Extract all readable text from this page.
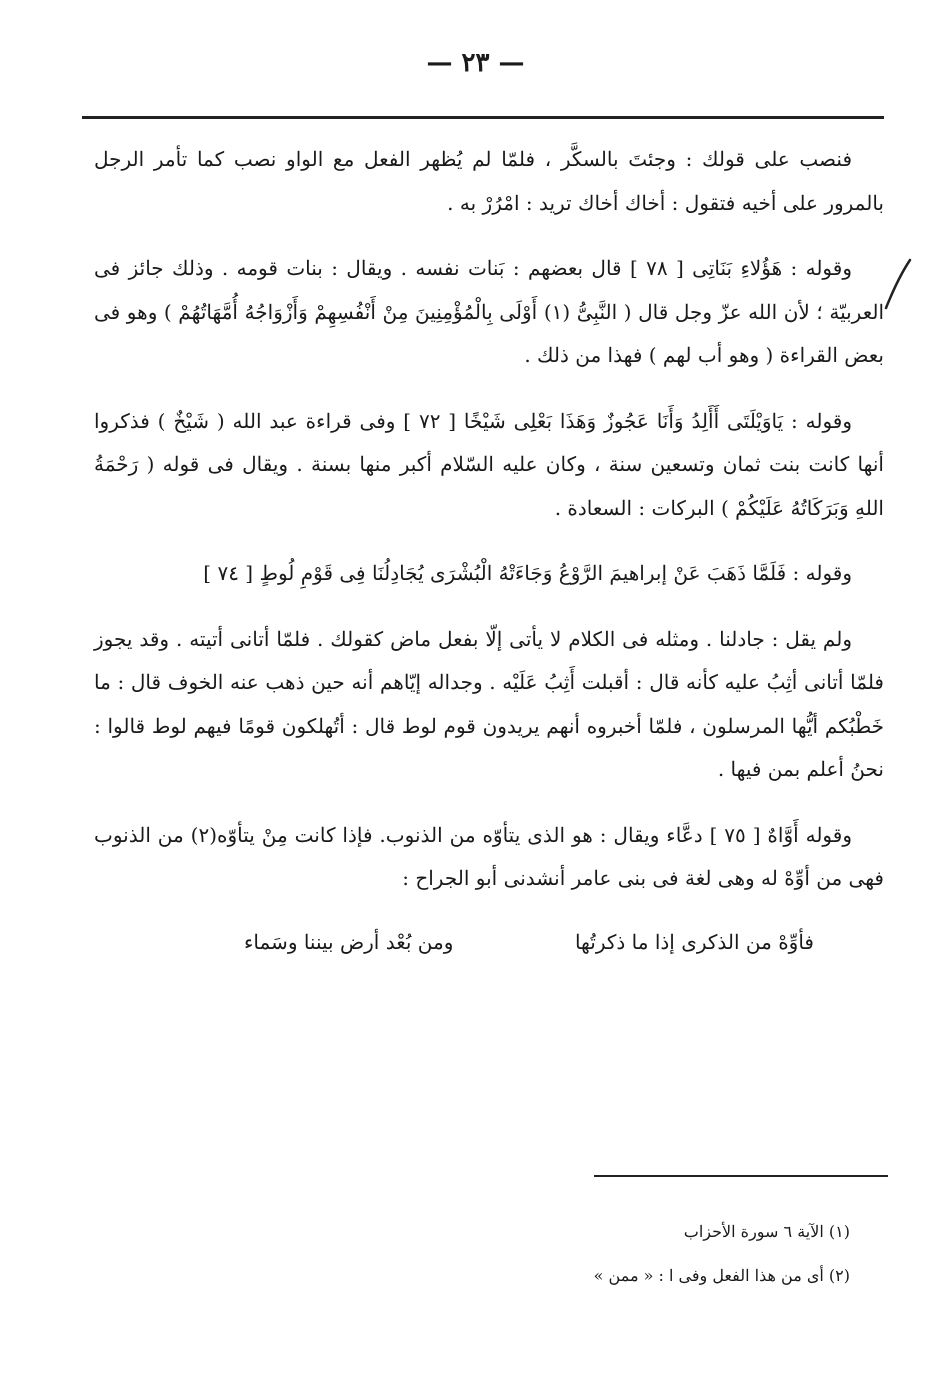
— ٢٣ —

فنصب على قولك : وجئتَ بالسكَّر ، فلمّا لم يُظهر الفعل مع الواو نصب كما تأمر الرجل بالمرور على أخيه فتقول : أخاك أخاك تريد : امْرُرْ به .

وقوله : هَؤُلاءِ بَنَاتِى [ ٧٨ ] قال بعضهم : بَنات نفسه . ويقال : بنات قومه . وذلك جائز فى العربيّة ؛ لأن الله عزّ وجل قال ( النَّبِىُّ (١) أَوْلَى بِالْمُؤْمِنِينَ مِنْ أَنْفُسِهِمْ وَأَزْوَاجُهُ أُمَّهَاتُهُمْ ) وهو فى بعض القراءة ( وهو أب لهم ) فهذا من ذلك .

وقوله : يَاوَيْلَتَى أَأَلِدُ وَأَنَا عَجُوزٌ وَهَذَا بَعْلِى شَيْخًا [ ٧٢ ] وفى قراءة عبد الله ( شَيْخٌ ) فذكروا أنها كانت بنت ثمان وتسعين سنة ، وكان عليه السّلام أكبر منها بسنة . ويقال فى قوله ( رَحْمَةُ اللهِ وَبَرَكَاتُهُ عَلَيْكُمْ ) البركات : السعادة .

وقوله : فَلَمَّا ذَهَبَ عَنْ إبراهيمَ الرَّوْعُ وَجَاءَتْهُ الْبُشْرَى يُجَادِلُنَا فِى قَوْمِ لُوطٍ [ ٧٤ ]

ولم يقل : جادلنا . ومثله فى الكلام لا يأتى إلّا بفعل ماض كقولك . فلمّا أتانى أتيته . وقد يجوز فلمّا أتانى أثِبُ عليه كأنه قال : أقبلت أَثِبُ عَلَيْه . وجداله إيّاهم أنه حين ذهب عنه الخوف قال : ما خَطْبُكم أيُّها المرسلون ، فلمّا أخبروه أنهم يريدون قوم لوط قال : أتُهلكون قومًا فيهم لوط قالوا : نحنُ أعلم بمن فيها .

وقوله أَوَّاهٌ [ ٧٥ ] دعَّاء ويقال : هو الذى يتأوّه من الذنوب. فإذا كانت مِنْ يتأوّه(٢) من الذنوب فهى من أوِّهْ له وهى لغة فى بنى عامر أنشدنى أبو الجراح :

فأوِّهْ من الذكرى إذا ما ذكرتُها
ومن بُعْد أرض بيننا وسَماء

(١) الآية ٦ سورة الأحزاب

(٢) أى من هذا الفعل وفى ا : « ممن »
